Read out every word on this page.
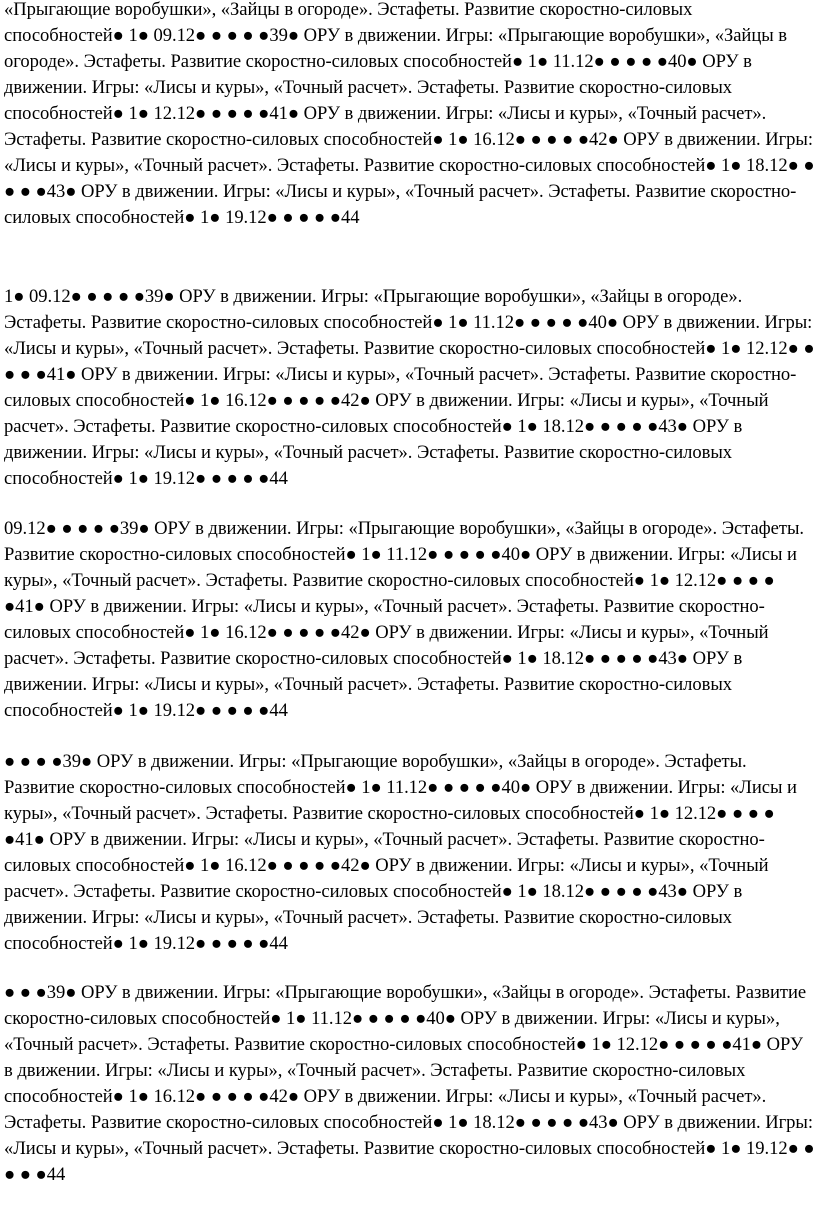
«Прыгающие воробушки», «Зайцы в огороде». Эстафеты. Развитие скоростно-силовых способностей● 1● 09.12● ● ● ● ●39● ОРУ в движении. Игры: «Прыгающие воробушки», «Зайцы в огороде». Эстафеты. Развитие скоростно-силовых способностей● 1● 11.12● ● ● ● ●40● ОРУ в движении. Игры: «Лисы и куры», «Точный расчет». Эстафеты. Развитие скоростно-силовых способностей● 1● 12.12● ● ● ● ●41● ОРУ в движении. Игры: «Лисы и куры», «Точный расчет». Эстафеты. Развитие скоростно-силовых способностей● 1● 16.12● ● ● ● ●42● ОРУ в движении. Игры: «Лисы и куры», «Точный расчет». Эстафеты. Развитие скоростно-силовых способностей● 1● 18.12● ● ● ● ●43● ОРУ в движении. Игры: «Лисы и куры», «Точный расчет». Эстафеты. Развитие скоростно-силовых способностей● 1● 19.12● ● ● ● ●44

1● 09.12● ● ● ● ●39● ОРУ в движении. Игры: «Прыгающие воробушки», «Зайцы в огороде». Эстафеты. Развитие скоростно-силовых способностей● 1● 11.12● ● ● ● ●40● ОРУ в движении. Игры: «Лисы и куры», «Точный расчет». Эстафеты. Развитие скоростно-силовых способностей● 1● 12.12● ● ● ● ●41● ОРУ в движении. Игры: «Лисы и куры», «Точный расчет». Эстафеты. Развитие скоростно-силовых способностей● 1● 16.12● ● ● ● ●42● ОРУ в движении. Игры: «Лисы и куры», «Точный расчет». Эстафеты. Развитие скоростно-силовых способностей● 1● 18.12● ● ● ● ●43● ОРУ в движении. Игры: «Лисы и куры», «Точный расчет». Эстафеты. Развитие скоростно-силовых способностей● 1● 19.12● ● ● ● ●44

09.12● ● ● ● ●39● ОРУ в движении. Игры: «Прыгающие воробушки», «Зайцы в огороде». Эстафеты. Развитие скоростно-силовых способностей● 1● 11.12● ● ● ● ●40● ОРУ в движении. Игры: «Лисы и куры», «Точный расчет». Эстафеты. Развитие скоростно-силовых способностей● 1● 12.12● ● ● ● ●41● ОРУ в движении. Игры: «Лисы и куры», «Точный расчет». Эстафеты. Развитие скоростно-силовых способностей● 1● 16.12● ● ● ● ●42● ОРУ в движении. Игры: «Лисы и куры», «Точный расчет». Эстафеты. Развитие скоростно-силовых способностей● 1● 18.12● ● ● ● ●43● ОРУ в движении. Игры: «Лисы и куры», «Точный расчет». Эстафеты. Развитие скоростно-силовых способностей● 1● 19.12● ● ● ● ●44

● ● ● ●39● ОРУ в движении. Игры: «Прыгающие воробушки», «Зайцы в огороде». Эстафеты. Развитие скоростно-силовых способностей● 1● 11.12● ● ● ● ●40● ОРУ в движении. Игры: «Лисы и куры», «Точный расчет». Эстафеты. Развитие скоростно-силовых способностей● 1● 12.12● ● ● ● ●41● ОРУ в движении. Игры: «Лисы и куры», «Точный расчет». Эстафеты. Развитие скоростно-силовых способностей● 1● 16.12● ● ● ● ●42● ОРУ в движении. Игры: «Лисы и куры», «Точный расчет». Эстафеты. Развитие скоростно-силовых способностей● 1● 18.12● ● ● ● ●43● ОРУ в движении. Игры: «Лисы и куры», «Точный расчет». Эстафеты. Развитие скоростно-силовых способностей● 1● 19.12● ● ● ● ●44

● ● ●39● ОРУ в движении. Игры: «Прыгающие воробушки», «Зайцы в огороде». Эстафеты. Развитие скоростно-силовых способностей● 1● 11.12● ● ● ● ●40● ОРУ в движении. Игры: «Лисы и куры», «Точный расчет». Эстафеты. Развитие скоростно-силовых способностей● 1● 12.12● ● ● ● ●41● ОРУ в движении. Игры: «Лисы и куры», «Точный расчет». Эстафеты. Развитие скоростно-силовых способностей● 1● 16.12● ● ● ● ●42● ОРУ в движении. Игры: «Лисы и куры», «Точный расчет». Эстафеты. Развитие скоростно-силовых способностей● 1● 18.12● ● ● ● ●43● ОРУ в движении. Игры: «Лисы и куры», «Точный расчет». Эстафеты. Развитие скоростно-силовых способностей● 1● 19.12● ● ● ● ●44
